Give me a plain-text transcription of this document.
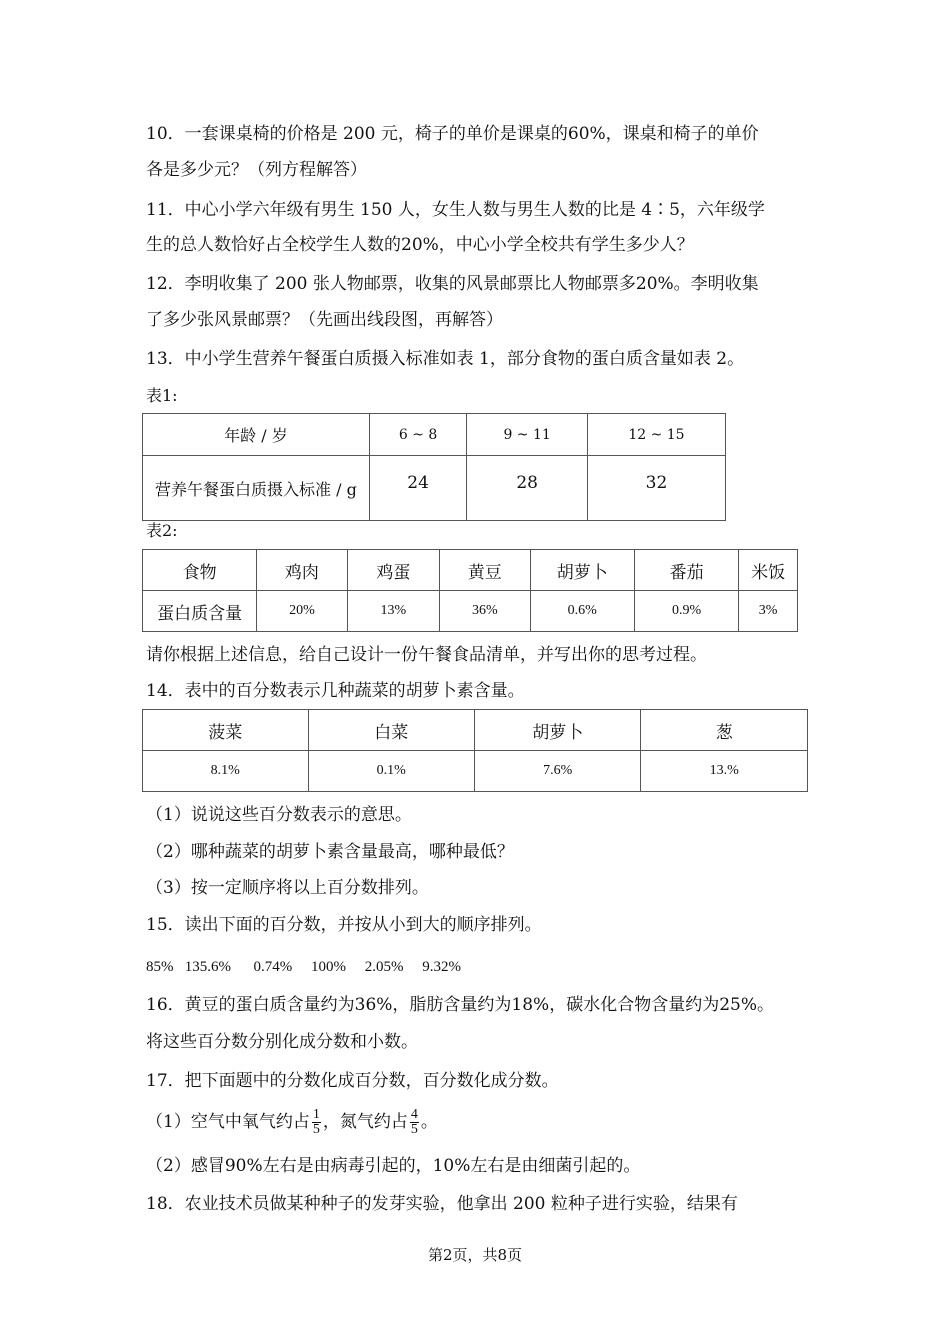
10．一套课桌椅的价格是 200 元，椅子的单价是课桌的60%，课桌和椅子的单价
各是多少元？（列方程解答）
11．中心小学六年级有男生 150 人，女生人数与男生人数的比是 4∶5，六年级学
生的总人数恰好占全校学生人数的20%，中心小学全校共有学生多少人？
12．李明收集了 200 张人物邮票，收集的风景邮票比人物邮票多20%。李明收集
了多少张风景邮票？（先画出线段图，再解答）
13．中小学生营养午餐蛋白质摄入标准如表 1，部分食物的蛋白质含量如表 2。
表1:
年龄 / 岁	6 ~ 8	9 ~ 11	12 ~ 15
营养午餐蛋白质摄入标准 / g	24	28	32
表2:
食物	鸡肉	鸡蛋	黄豆	胡萝卜	番茄	米饭
蛋白质含量	20%	13%	36%	0.6%	0.9%	3%
请你根据上述信息，给自己设计一份午餐食品清单，并写出你的思考过程。
14．表中的百分数表示几种蔬菜的胡萝卜素含量。
菠菜	白菜	胡萝卜	葱
8.1%	0.1%	7.6%	13.%
（1）说说这些百分数表示的意思。
（2）哪种蔬菜的胡萝卜素含量最高，哪种最低？
（3）按一定顺序将以上百分数排列。
15．读出下面的百分数，并按从小到大的顺序排列。
85% 135.6% 0.74% 100% 2.05% 9.32%
16．黄豆的蛋白质含量约为36%，脂肪含量约为18%，碳水化合物含量约为25%。
将这些百分数分别化成分数和小数。
17．把下面题中的分数化成百分数，百分数化成分数。
（1）空气中氧气约占 $\frac{1}{5}$ ，氮气约占 $\frac{4}{5}$ 。
（2）感冒90%左右是由病毒引起的，10%左右是由细菌引起的。
18．农业技术员做某种种子的发芽实验，他拿出 200 粒种子进行实验，结果有
第2页，共8页
